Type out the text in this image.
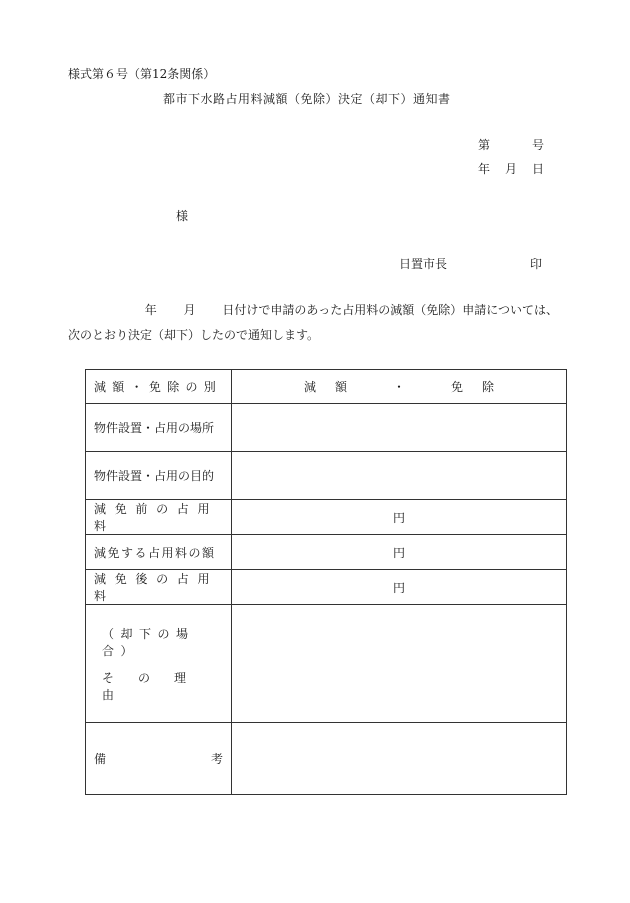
様式第６号（第12条関係）
都市下水路占用料減額（免除）決定（却下）通知書
第	号
年 月 日
様
日置市長	印
年 月 日付けで申請のあった占用料の減額（免除）申請については、
次のとおり決定（却下）したので通知します。
減額・免除の別	減 額 ・ 免 除

物件設置・占用の場所	
物件設置・占用の目的	
減免前の占用料	円
減免する占用料の額	円
減免後の占用料	円

（却下の場合）
その理由	

備 考	
